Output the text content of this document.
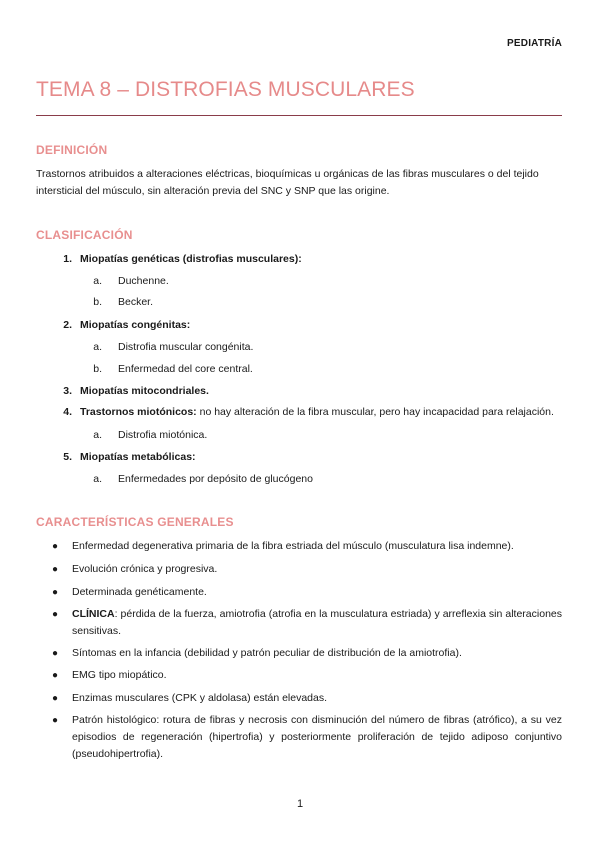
PEDIATRÍA
TEMA 8 – DISTROFIAS MUSCULARES
DEFINICIÓN

Trastornos atribuidos a alteraciones eléctricas, bioquímicas u orgánicas de las fibras musculares o del tejido intersticial del músculo, sin alteración previa del SNC y SNP que las origine.

CLASIFICACIÓN
1. Miopatías genéticas (distrofias musculares):
a. Duchenne.
b. Becker.
2. Miopatías congénitas:
a. Distrofia muscular congénita.
b. Enfermedad del core central.
3. Miopatías mitocondriales.
4. Trastornos miotónicos: no hay alteración de la fibra muscular, pero hay incapacidad para relajación.
a. Distrofia miotónica.
5. Miopatías metabólicas:
a. Enfermedades por depósito de glucógeno
CARACTERÍSTICAS GENERALES
●	Enfermedad degenerativa primaria de la fibra estriada del músculo (musculatura lisa indemne).
●	Evolución crónica y progresiva.
●	Determinada genéticamente.
●	CLÍNICA: pérdida de la fuerza, amiotrofia (atrofia en la musculatura estriada) y arreflexia sin alteraciones sensitivas.
●	Síntomas en la infancia (debilidad y patrón peculiar de distribución de la amiotrofia).
●	EMG tipo miopático.
●	Enzimas musculares (CPK y aldolasa) están elevadas.
●	Patrón histológico: rotura de fibras y necrosis con disminución del número de fibras (atrófico), a su vez episodios de regeneración (hipertrofia) y posteriormente proliferación de tejido adiposo conjuntivo (pseudohipertrofia).
1
